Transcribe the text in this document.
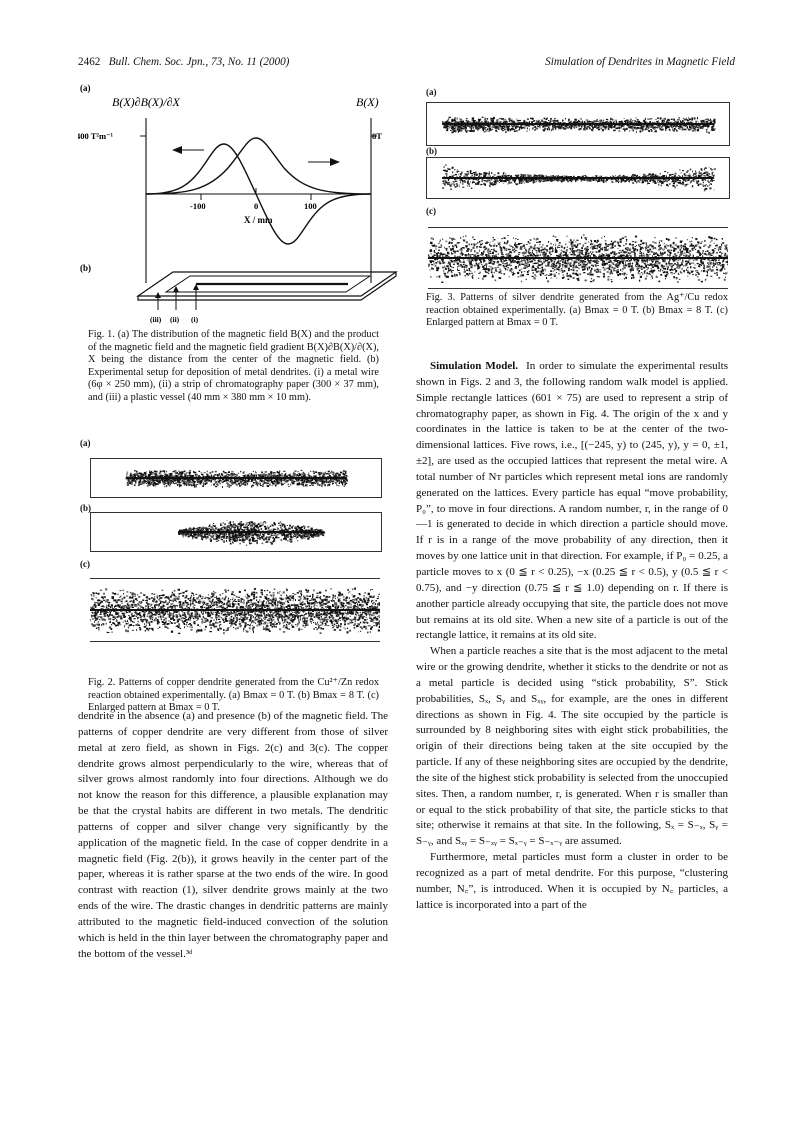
2462 Bull. Chem. Soc. Jpn., 73, No. 11 (2000)	Simulation of Dendrites in Magnetic Field
(a)
B(X)∂B(X)/∂X	B(X)
400 T²m⁻¹	8T
-100	0	100
X / mm
(b)
(iii) (ii) (i)
Fig. 1. (a) The distribution of the magnetic field B(X) and the product of the magnetic field and the magnetic field gradient B(X)∂B(X)/∂(X), X being the distance from the center of the magnetic field. (b) Experimental setup for deposition of metal dendrites. (i) a metal wire (6φ × 250 mm), (ii) a strip of chromatography paper (300 × 37 mm), and (iii) a plastic vessel (40 mm × 380 mm × 10 mm).
(a)
(b)
(c)
Fig. 2. Patterns of copper dendrite generated from the Cu²⁺/Zn redox reaction obtained experimentally. (a) Bmax = 0 T. (b) Bmax = 8 T. (c) Enlarged pattern at Bmax = 0 T.
(a)
(b)
(c)
Fig. 3. Patterns of silver dendrite generated from the Ag⁺/Cu redox reaction obtained experimentally. (a) Bmax = 0 T. (b) Bmax = 8 T. (c) Enlarged pattern at Bmax = 0 T.

dendrite in the absence (a) and presence (b) of the magnetic field. The patterns of copper dendrite are very different from those of silver metal at zero field, as shown in Figs. 2(c) and 3(c). The copper dendrite grows almost perpendicularly to the wire, whereas that of silver grows almost randomly into four directions. Although we do not know the reason for this difference, a plausible explanation may be that the crystal habits are different in two metals. The dendritic patterns of copper and silver change very significantly by the application of the magnetic field. In the case of copper dendrite in a magnetic field (Fig. 2(b)), it grows heavily in the center part of the paper, whereas it is rather sparse at the two ends of the wire. In good contrast with reaction (1), silver dendrite grows mainly at the two ends of the wire. The drastic changes in dendritic patterns are mainly attributed to the magnetic field-induced convection of the solution which is held in the thin layer between the chromatography paper and the bottom of the vessel.³ᵈ

Simulation Model. In order to simulate the experimental results shown in Figs. 2 and 3, the following random walk model is applied. Simple rectangle lattices (601 × 75) are used to represent a strip of chromatography paper, as shown in Fig. 4. The origin of the x and y coordinates in the lattice is taken to be at the center of the two-dimensional lattices. Five rows, i.e., [(−245, y) to (245, y), y = 0, ±1, ±2], are used as the occupied lattices that represent the metal wire. A total number of Nᴛ particles which represent metal ions are randomly generated on the lattices. Every particle has equal “move probability, P₀”, to move in four directions. A random number, r, in the range of 0—1 is generated to decide in which direction a particle should move. If r is in a range of the move probability of any direction, then it moves by one lattice unit in that direction. For example, if P₀ = 0.25, a particle moves to x (0 ≦ r < 0.25), −x (0.25 ≦ r < 0.5), y (0.5 ≦ r < 0.75), and −y direction (0.75 ≦ r ≦ 1.0) depending on r. If there is another particle already occupying that site, the particle does not move but remains at its old site. When a new site of a particle is out of the rectangle lattice, it remains at its old site.

When a particle reaches a site that is the most adjacent to the metal wire or the growing dendrite, whether it sticks to the dendrite or not as a metal particle is decided using “stick probability, S”. Stick probabilities, Sₓ, Sᵧ and Sₓᵧ, for example, are the ones in different directions as shown in Fig. 4. The site occupied by the particle is surrounded by 8 neighboring sites with eight stick probabilities, the origin of their directions being taken at the site occupied by the particle. If any of these neighboring sites are occupied by the dendrite, the site of the highest stick probability is selected from the unoccupied sites. Then, a random number, r, is generated. When r is smaller than or equal to the stick probability of that site, the particle sticks to that site; otherwise it remains at that site. In the following, Sₓ = S₋ₓ, Sᵧ = S₋ᵧ, and Sₓᵧ = S₋ₓᵧ = Sₓ₋ᵧ = S₋ₓ₋ᵧ are assumed.

Furthermore, metal particles must form a cluster in order to be recognized as a part of metal dendrite. For this purpose, “clustering number, N꜀”, is introduced. When it is occupied by N꜀ particles, a lattice is incorporated into a part of the
